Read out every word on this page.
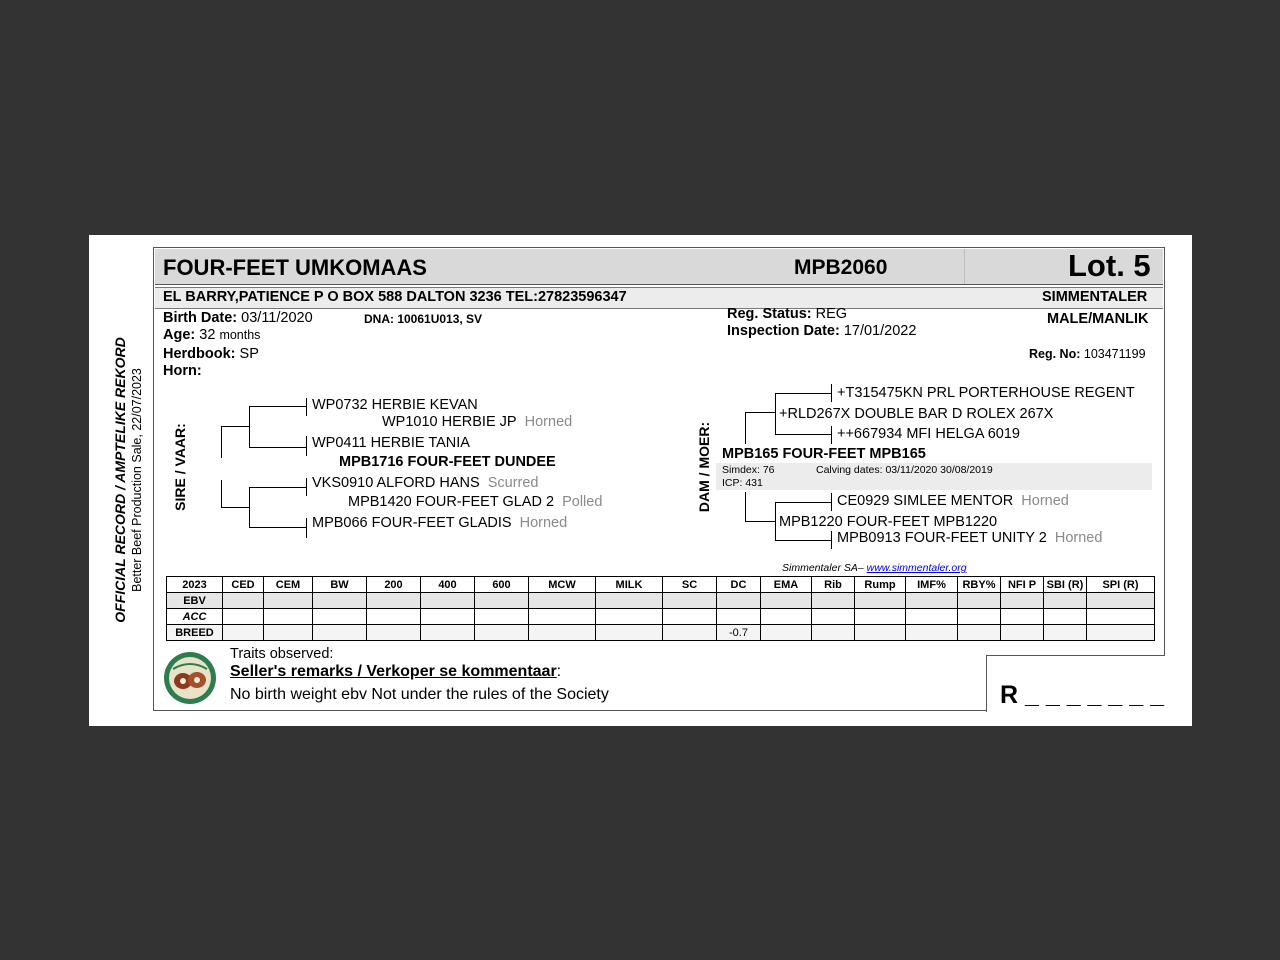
OFFICIAL RECORD / AMPTELIKE REKORD Better Beef Production Sale, 22/07/2023
FOUR-FEET UMKOMAAS	MPB2060	Lot. 5
EL BARRY,PATIENCE P O BOX 588 DALTON 3236 TEL:27823596347	SIMMENTALER
Birth Date: 03/11/2020	DNA: 10061U013, SV
Age: 32 months
Herdbook: SP
Horn:
Reg. Status: REG
Inspection Date: 17/01/2022
MALE/MANLIK
Reg. No: 103471199
SIRE / VAAR:
WP0732 HERBIE KEVAN
WP1010 HERBIE JP Horned
WP0411 HERBIE TANIA
MPB1716 FOUR-FEET DUNDEE
VKS0910 ALFORD HANS Scurred
MPB1420 FOUR-FEET GLAD 2 Polled
MPB066 FOUR-FEET GLADIS Horned
DAM / MOER:
+T315475KN PRL PORTERHOUSE REGENT
+RLD267X DOUBLE BAR D ROLEX 267X
++667934 MFI HELGA 6019
MPB165 FOUR-FEET MPB165
Simdex: 76	Calving dates: 03/11/2020 30/08/2019
ICP: 431
CE0929 SIMLEE MENTOR Horned
MPB1220 FOUR-FEET MPB1220
MPB0913 FOUR-FEET UNITY 2 Horned
Simmentaler SA– www.simmentaler.org
2023	CED	CEM	BW	200	400	600	MCW	MILK	SC	DC	EMA	Rib	Rump	IMF%	RBY%	NFI P	SBI (R)	SPI (R)
EBV																		
ACC																		
BREED										-0.7								
Traits observed:
Seller's remarks / Verkoper se kommentaar:
No birth weight ebv Not under the rules of the Society	R _ _ _ _ _ _ _
